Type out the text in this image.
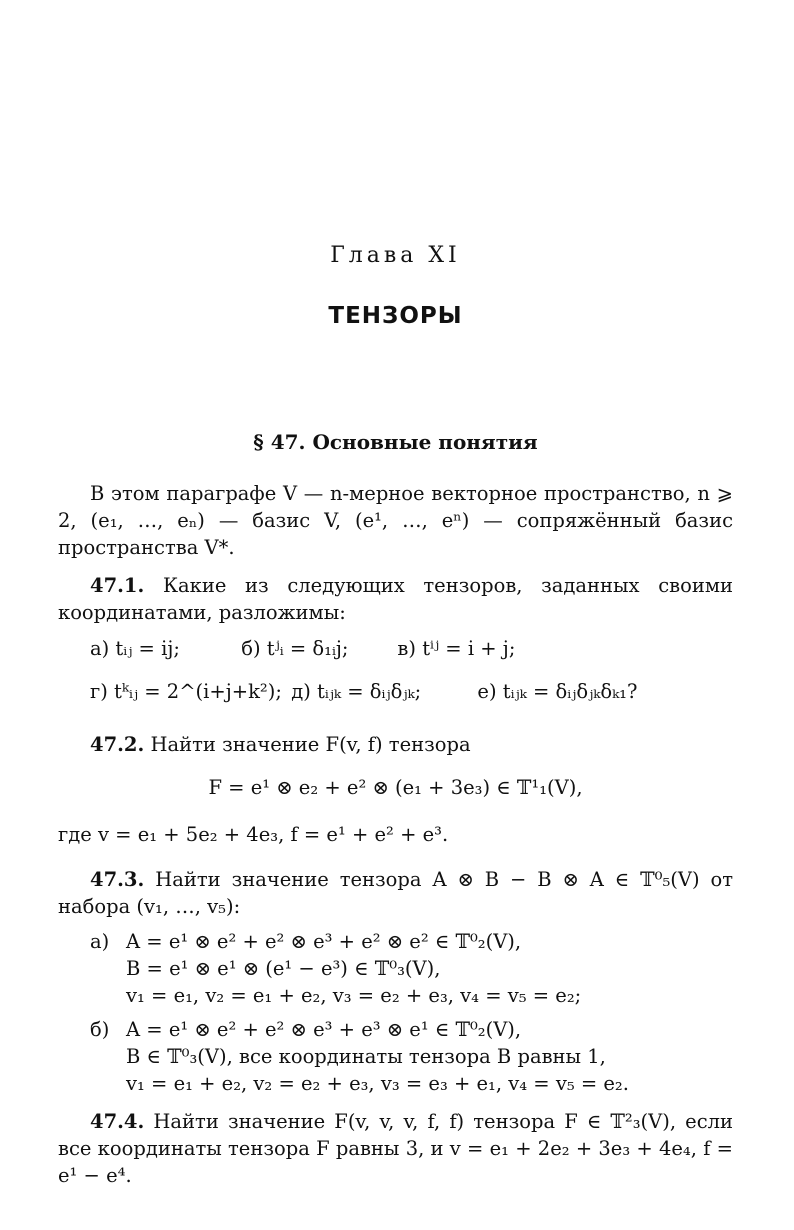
Глава XI
ТЕНЗОРЫ
§ 47. Основные понятия
В этом параграфе V — n-мерное векторное пространство, n ⩾ 2, (e₁, …, eₙ) — базис V, (e¹, …, eⁿ) — сопряжённый базис пространства V*.
47.1. Какие из следующих тензоров, заданных своими координатами, разложимы:
а) tᵢⱼ = ij;	б) tʲᵢ = δ₁ᵢj;	в) tⁱʲ = i + j;
г) tᵏᵢⱼ = 2^(i+j+k²); д) tᵢⱼₖ = δᵢⱼδⱼₖ;	е) tᵢⱼₖ = δᵢⱼδⱼₖδₖ₁?
47.2. Найти значение F(v, f) тензора
F = e¹ ⊗ e₂ + e² ⊗ (e₁ + 3e₃) ∈ 𝕋¹₁(V),
где v = e₁ + 5e₂ + 4e₃, f = e¹ + e² + e³.
47.3. Найти значение тензора A ⊗ B − B ⊗ A ∈ 𝕋⁰₅(V) от набора (v₁, …, v₅):
а) A = e¹ ⊗ e² + e² ⊗ e³ + e² ⊗ e² ∈ 𝕋⁰₂(V),
B = e¹ ⊗ e¹ ⊗ (e¹ − e³) ∈ 𝕋⁰₃(V),
v₁ = e₁, v₂ = e₁ + e₂, v₃ = e₂ + e₃, v₄ = v₅ = e₂;
б) A = e¹ ⊗ e² + e² ⊗ e³ + e³ ⊗ e¹ ∈ 𝕋⁰₂(V),
B ∈ 𝕋⁰₃(V), все координаты тензора B равны 1,
v₁ = e₁ + e₂, v₂ = e₂ + e₃, v₃ = e₃ + e₁, v₄ = v₅ = e₂.
47.4. Найти значение F(v, v, v, f, f) тензора F ∈ 𝕋²₃(V), если все координаты тензора F равны 3, и v = e₁ + 2e₂ + 3e₃ + 4e₄, f = e¹ − e⁴.
